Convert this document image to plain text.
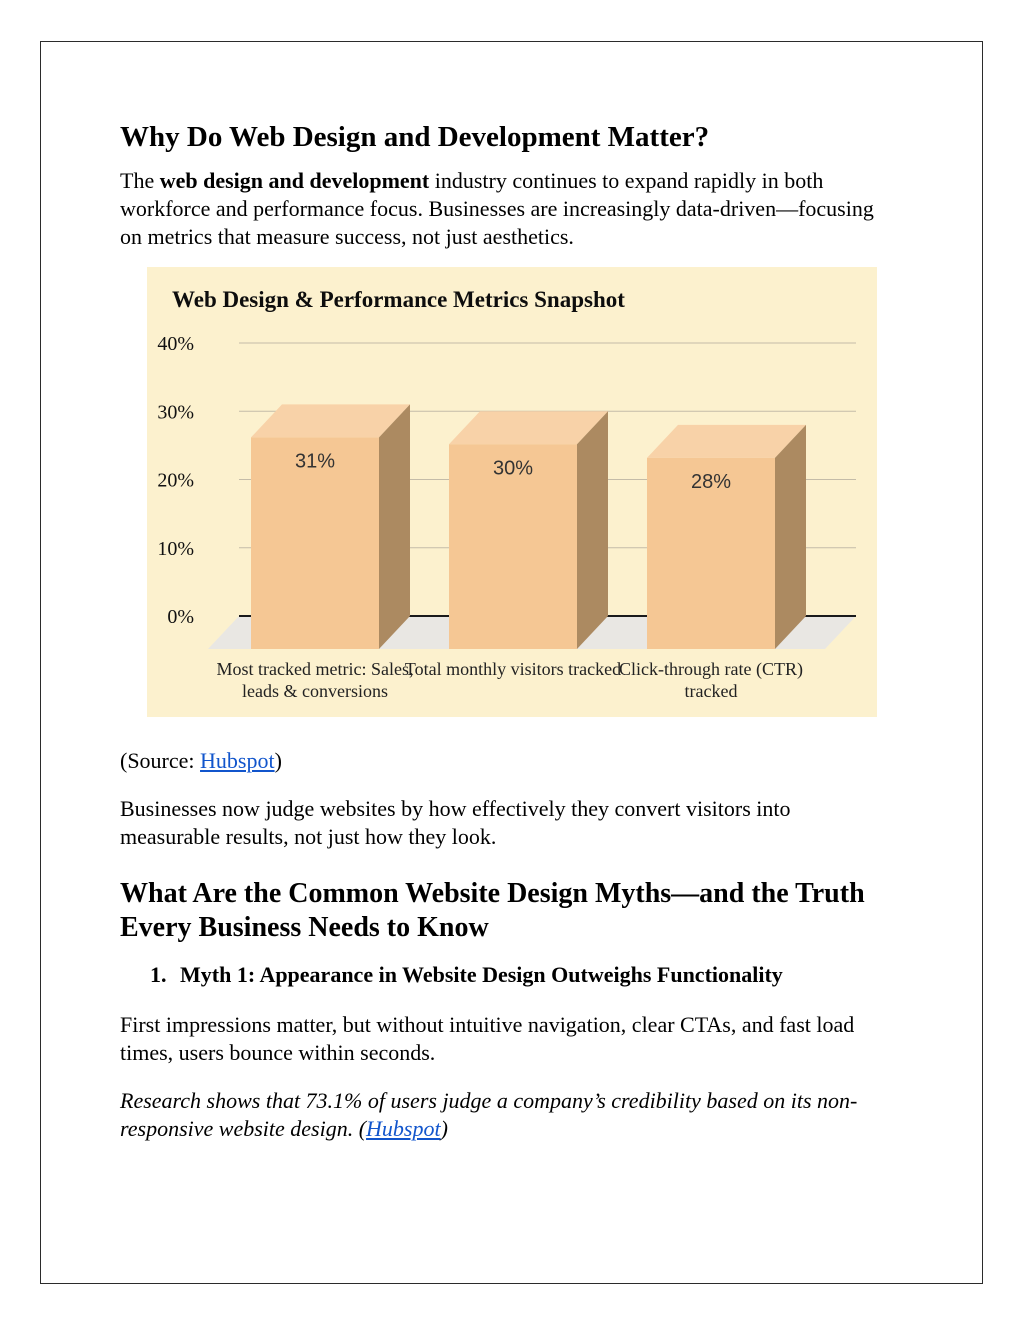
Why Do Web Design and Development Matter?

The web design and development industry continues to expand rapidly in both workforce and performance focus. Businesses are increasingly data-driven—focusing on metrics that measure success, not just aesthetics.

40%
30%
20%
10%
0%
31%
Most tracked metric: Sales,
leads & conversions
30%
Total monthly visitors tracked
28%
Click-through rate (CTR)
tracked
Web Design & Performance Metrics Snapshot

(Source: Hubspot)

Businesses now judge websites by how effectively they convert visitors into measurable results, not just how they look.

What Are the Common Website Design Myths—and the Truth
Every Business Needs to Know
1. Myth 1: Appearance in Website Design Outweighs Functionality

First impressions matter, but without intuitive navigation, clear CTAs, and fast load times, users bounce within seconds.

Research shows that 73.1% of users judge a company’s credibility based on its non-responsive website design. (Hubspot)
